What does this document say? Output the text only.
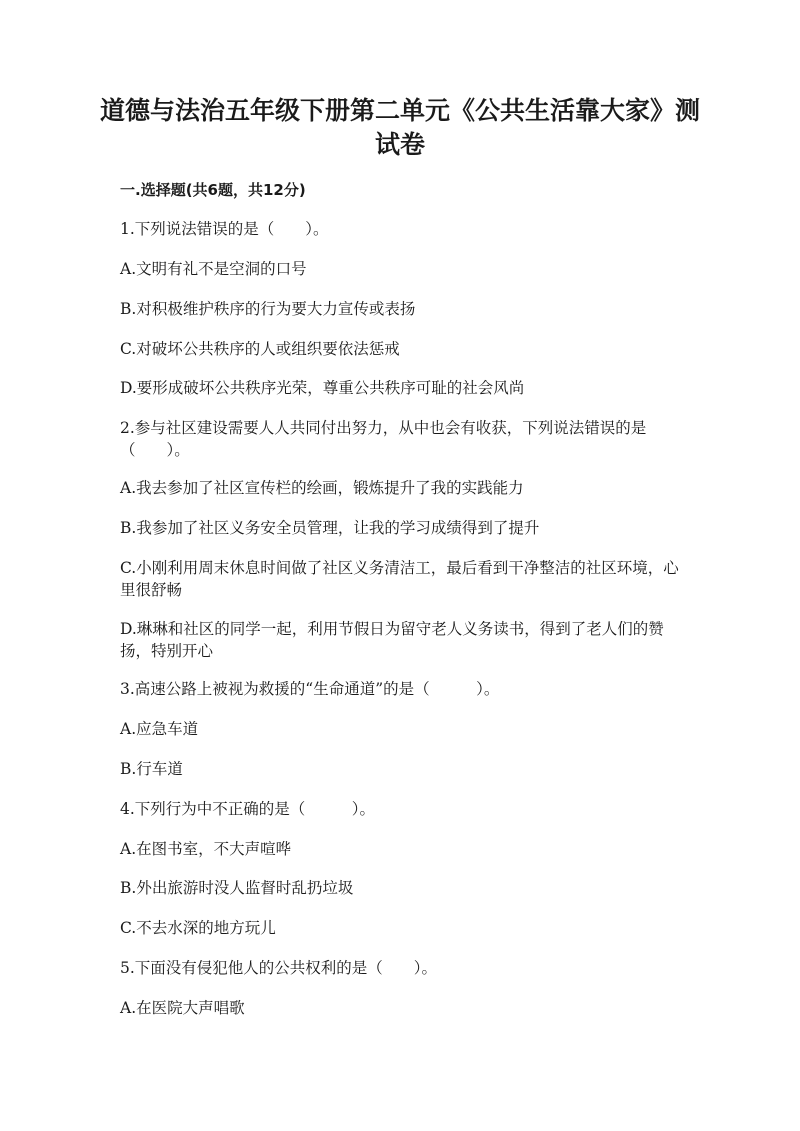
道德与法治五年级下册第二单元《公共生活靠大家》测试卷

一.选择题(共6题，共12分)

1.下列说法错误的是（　　）。

A.文明有礼不是空洞的口号

B.对积极维护秩序的行为要大力宣传或表扬

C.对破坏公共秩序的人或组织要依法惩戒

D.要形成破坏公共秩序光荣，尊重公共秩序可耻的社会风尚

2.参与社区建设需要人人共同付出努力，从中也会有收获，下列说法错误的是（　　）。

A.我去参加了社区宣传栏的绘画，锻炼提升了我的实践能力

B.我参加了社区义务安全员管理，让我的学习成绩得到了提升

C.小刚利用周末休息时间做了社区义务清洁工，最后看到干净整洁的社区环境，心里很舒畅

D.琳琳和社区的同学一起，利用节假日为留守老人义务读书，得到了老人们的赞扬，特别开心

3.高速公路上被视为救援的“生命通道”的是（　　　）。

A.应急车道

B.行车道

4.下列行为中不正确的是（　　　）。

A.在图书室，不大声喧哗

B.外出旅游时没人监督时乱扔垃圾

C.不去水深的地方玩儿

5.下面没有侵犯他人的公共权利的是（　　）。

A.在医院大声唱歌
